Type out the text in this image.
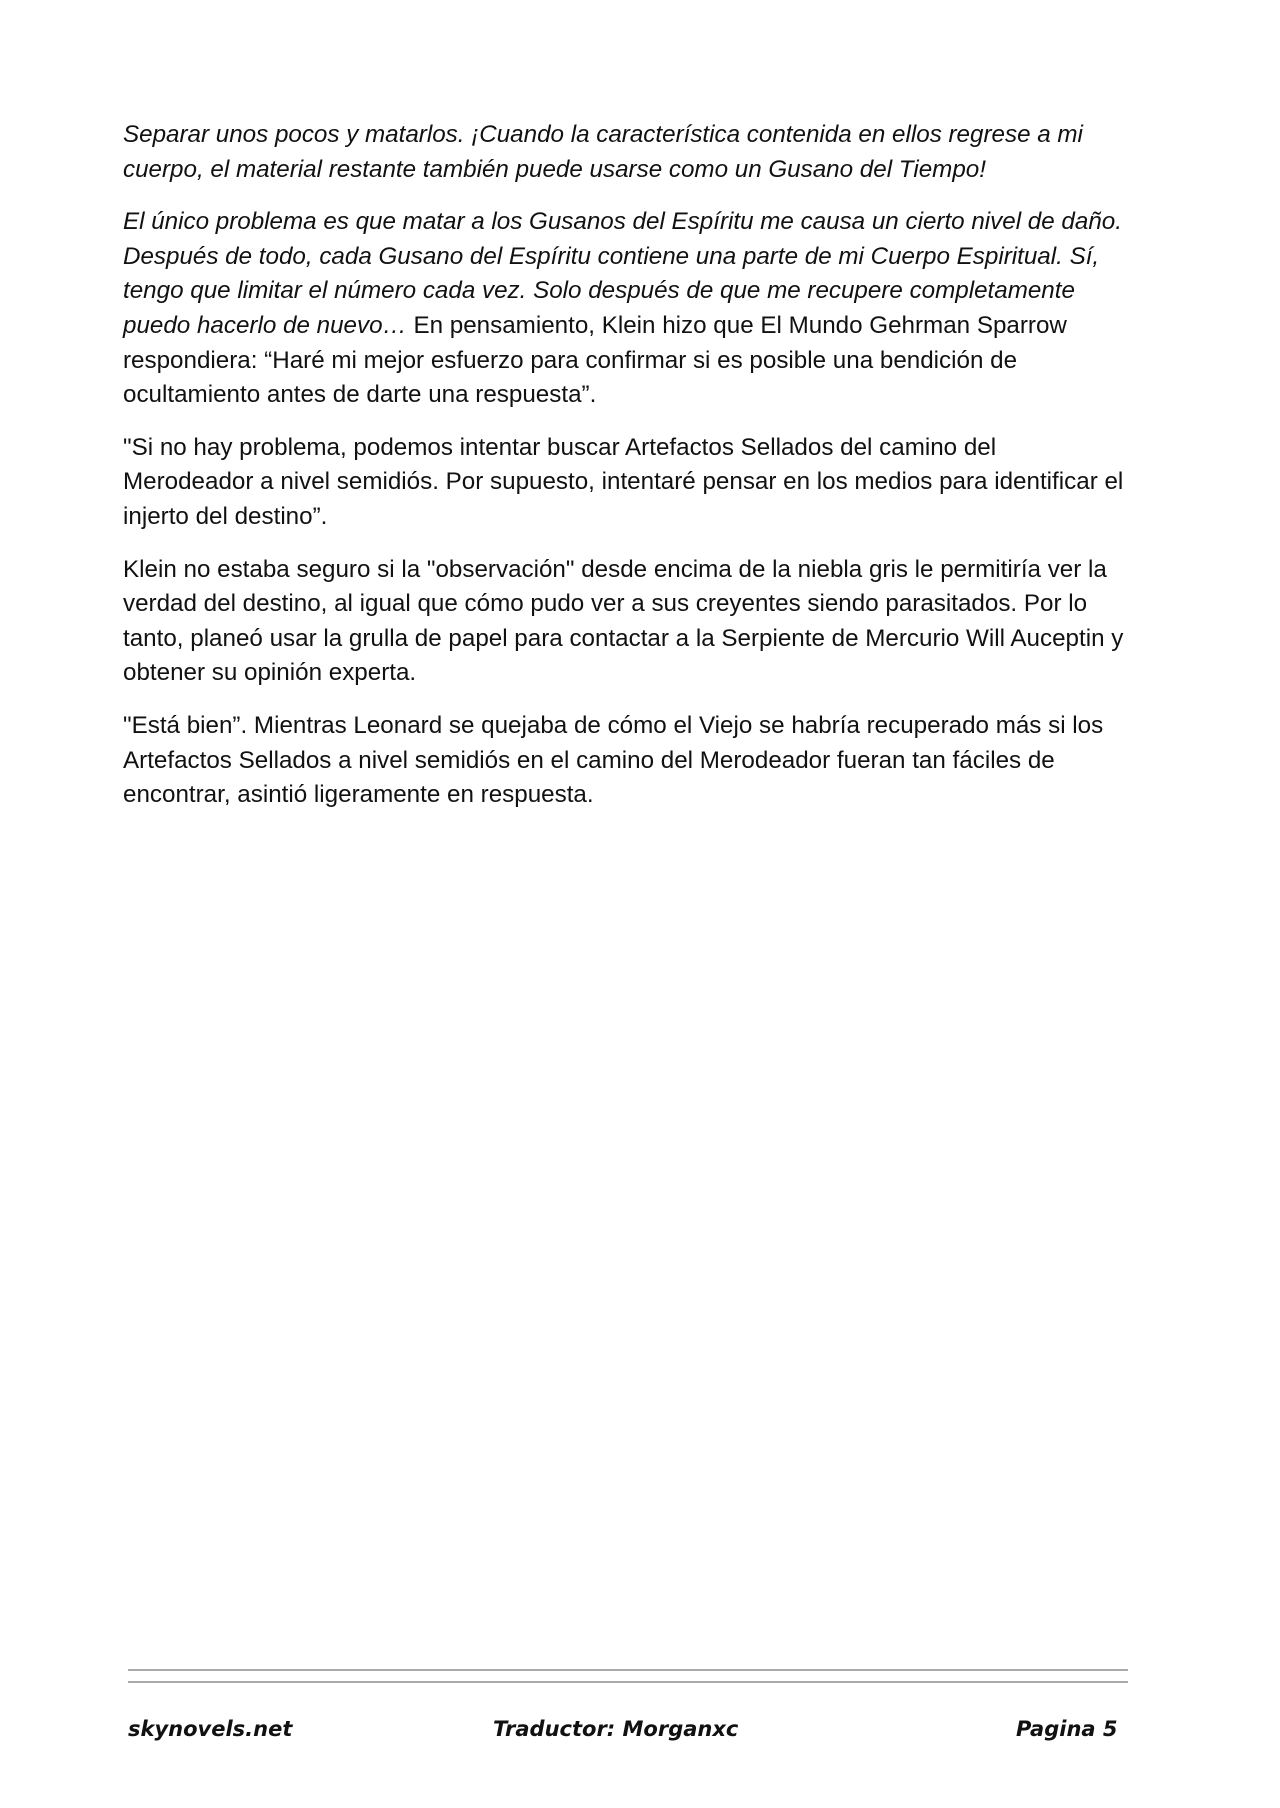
Separar unos pocos y matarlos. ¡Cuando la característica contenida en ellos regrese a mi cuerpo, el material restante también puede usarse como un Gusano del Tiempo!

El único problema es que matar a los Gusanos del Espíritu me causa un cierto nivel de daño. Después de todo, cada Gusano del Espíritu contiene una parte de mi Cuerpo Espiritual. Sí, tengo que limitar el número cada vez. Solo después de que me recupere completamente puedo hacerlo de nuevo… En pensamiento, Klein hizo que El Mundo Gehrman Sparrow respondiera: “Haré mi mejor esfuerzo para confirmar si es posible una bendición de ocultamiento antes de darte una respuesta”.

"Si no hay problema, podemos intentar buscar Artefactos Sellados del camino del Merodeador a nivel semidiós. Por supuesto, intentaré pensar en los medios para identificar el injerto del destino”.

Klein no estaba seguro si la "observación" desde encima de la niebla gris le permitiría ver la verdad del destino, al igual que cómo pudo ver a sus creyentes siendo parasitados. Por lo tanto, planeó usar la grulla de papel para contactar a la Serpiente de Mercurio Will Auceptin y obtener su opinión experta.

"Está bien”. Mientras Leonard se quejaba de cómo el Viejo se habría recuperado más si los Artefactos Sellados a nivel semidiós en el camino del Merodeador fueran tan fáciles de encontrar, asintió ligeramente en respuesta.

skynovels.net	Traductor: Morganxc	Pagina 5
